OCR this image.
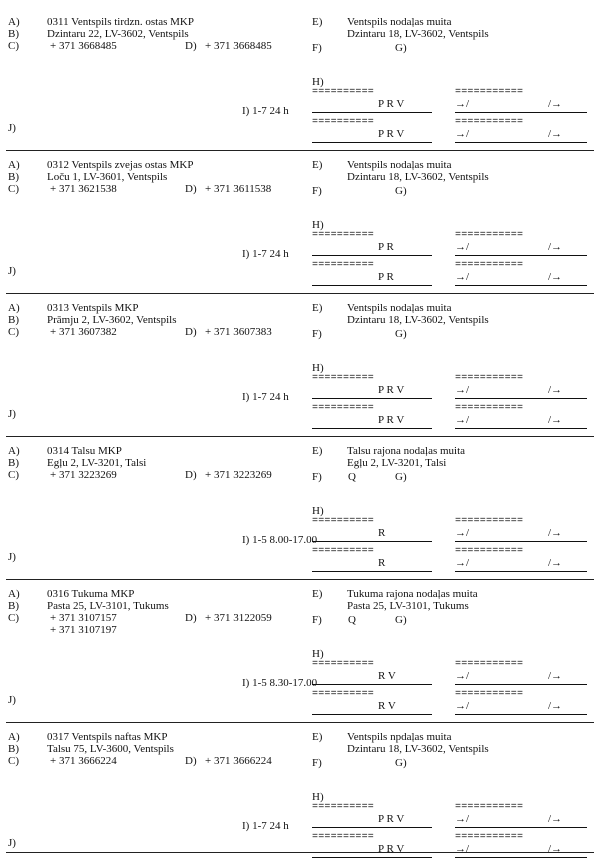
A) 0311 Ventspils tirdzn. ostas MKP
B)	Dzintaru 22, LV-3602, Ventspils
C)	+ 371 3668485	D) + 371 3668485
E) Ventspils nodaļas muita
Dzintaru 18, LV-3602, Ventspils
F)	G)
H)
==========	===========
P R V	→/	/→
I) 1-7 24 h
==========	===========
J)	P R V	→/	/→
A) 0312 Ventspils zvejas ostas MKP
B)	Loču 1, LV-3601, Ventspils
C)	+ 371 3621538	D) + 371 3611538
E) Ventspils nodaļas muita
Dzintaru 18, LV-3602, Ventspils
F)	G)
H)
==========	===========
P R	→/	/→
I) 1-7 24 h
==========	===========
J)	P R	→/	/→
A) 0313 Ventspils MKP
B)	Prāmju 2, LV-3602, Ventspils
C)	+ 371 3607382	D) + 371 3607383
E) Ventspils nodaļas muita
Dzintaru 18, LV-3602, Ventspils
F)	G)
H)
==========	===========
P R V	→/	/→
I) 1-7 24 h
==========	===========
J)	P R V	→/	/→
A) 0314 Talsu MKP
B)	Egļu 2, LV-3201, Talsi
C)	+ 371 3223269	D) + 371 3223269
E) Talsu rajona nodaļas muita
Egļu 2, LV-3201, Talsi
F) Q	G)
H)
==========	===========
R	→/	/→
I) 1-5 8.00-17.00
==========	===========
J)	R	→/	/→
A) 0316 Tukuma MKP
B)	Pasta 25, LV-3101, Tukums
C)	+ 371 3107157
+ 371 3107197
D) + 371 3122059
E) Tukuma rajona nodaļas muita
Pasta 25, LV-3101, Tukums
F) Q	G)
H)
==========	===========
R V	→/	/→
I) 1-5 8.30-17.00
==========	===========
J)	R V	→/	/→
A) 0317 Ventspils naftas MKP
B)	Talsu 75, LV-3600, Ventspils
C)	+ 371 3666224	D) + 371 3666224
E) Ventspils npdaļas muita
Dzintaru 18, LV-3602, Ventspils
F)	G)
H)
==========	===========
P R V	→/	/→
I) 1-7 24 h
==========	===========
J)	P R V	→/	/→
